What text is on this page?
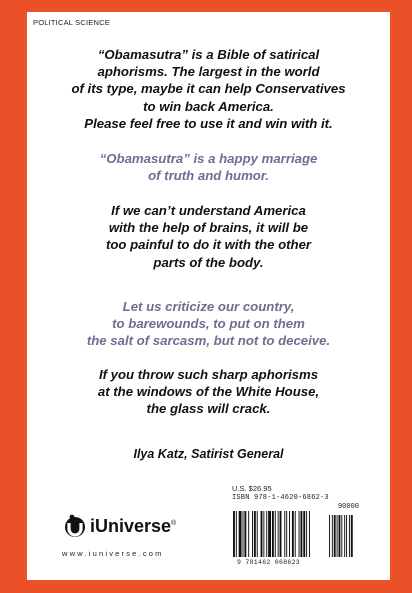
POLITICAL SCIENCE
“Obamasutra” is a Bible of satirical
aphorisms. The largest in the world
of its type, maybe it can help Conservatives
to win back America.
Please feel free to use it and win with it.
“Obamasutra” is a happy marriage
of truth and humor.
If we can’t understand America
with the help of brains, it will be
too painful to do it with the other
parts of the body.
Let us criticize our country,
to barewounds, to put on them
the salt of sarcasm, but not to deceive.
If you throw such sharp aphorisms
at the windows of the White House,
the glass will crack.
Ilya Katz, Satirist General
iUniverse®
www.iuniverse.com
U.S. $26.95
ISBN 978-1-4620-6862-3
90000
9 781462 068623
